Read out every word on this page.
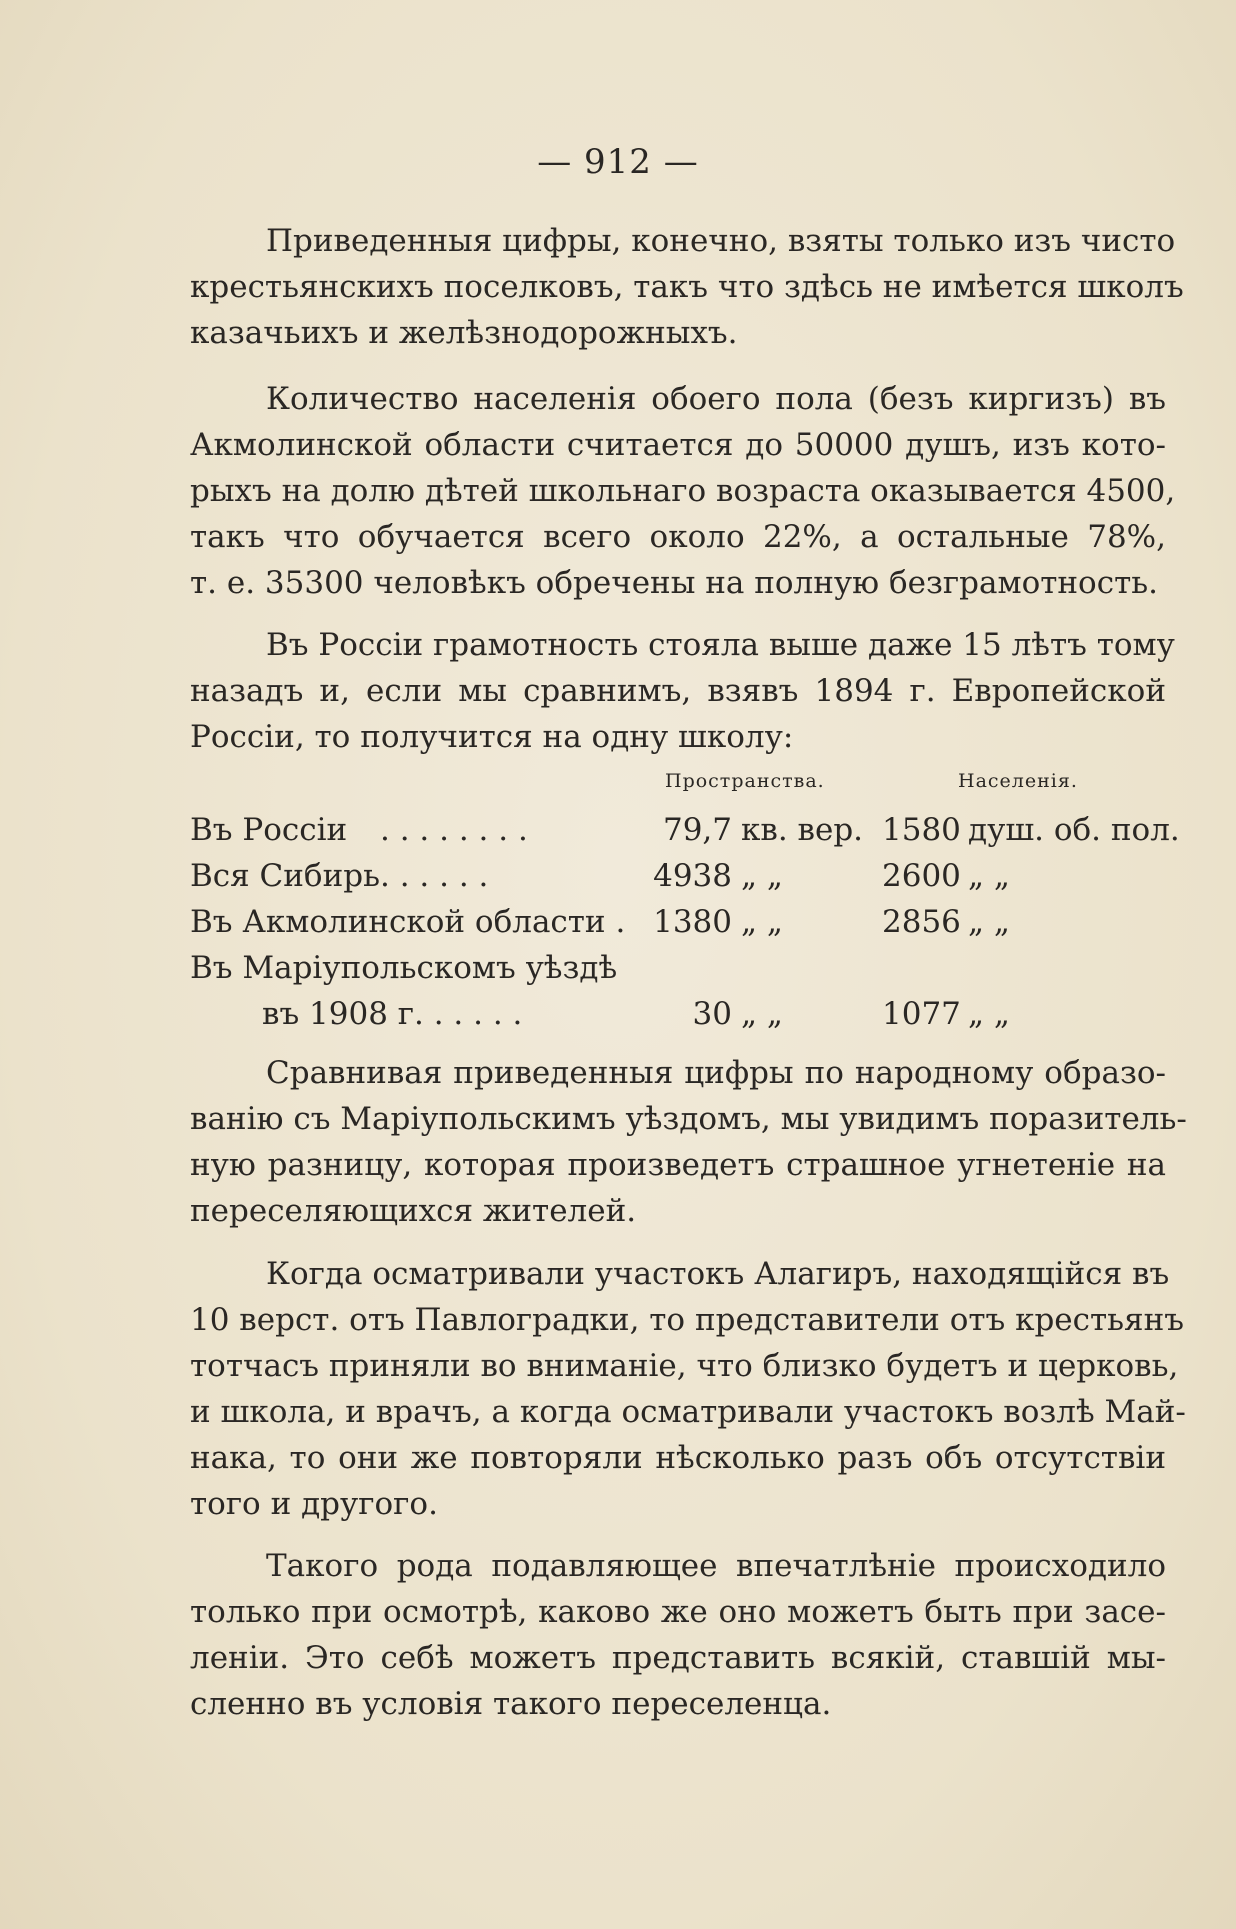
— 912 —
Приведенныя цифры, конечно, взяты только изъ чисто
крестьянскихъ поселковъ, такъ что здѣсь не имѣется школъ
казачьихъ и желѣзнодорожныхъ.
Количество населенія обоего пола (безъ киргизъ) въ
Акмолинской области считается до 50000 душъ, изъ кото-
рыхъ на долю дѣтей школьнаго возраста оказывается 4500,
такъ что обучается всего около 22%, а остальные 78%,
т. е. 35300 человѣкъ обречены на полную безграмотность.
Въ Россіи грамотность стояла выше даже 15 лѣтъ тому
назадъ и, если мы сравнимъ, взявъ 1894 г. Европейской
Россіи, то получится на одну школу:
Пространства.	Населенія.
Въ Россіи . . . . . . . .	79,7 кв. вер. 1580 душ. об. пол.
Вся Сибирь . . . . . .	4938 „ „	2600 „ „
Въ Акмолинской области . 1380 „ „	2856 „ „
Въ Маріупольскомъ уѣздѣ
въ 1908 г. . . . . .	30 „ „	1077 „ „
Сравнивая приведенныя цифры по народному образо-
ванію съ Маріупольскимъ уѣздомъ, мы увидимъ поразитель-
ную разницу, которая произведетъ страшное угнетеніе на
переселяющихся жителей.
Когда осматривали участокъ Алагиръ, находящійся въ
10 верст. отъ Павлоградки, то представители отъ крестьянъ
тотчасъ приняли во вниманіе, что близко будетъ и церковь,
и школа, и врачъ, а когда осматривали участокъ возлѣ Май-
нака, то они же повторяли нѣсколько разъ объ отсутствіи
того и другого.
Такого рода подавляющее впечатлѣніе происходило
только при осмотрѣ, каково же оно можетъ быть при засе-
леніи. Это себѣ можетъ представить всякій, ставшій мы-
сленно въ условія такого переселенца.
